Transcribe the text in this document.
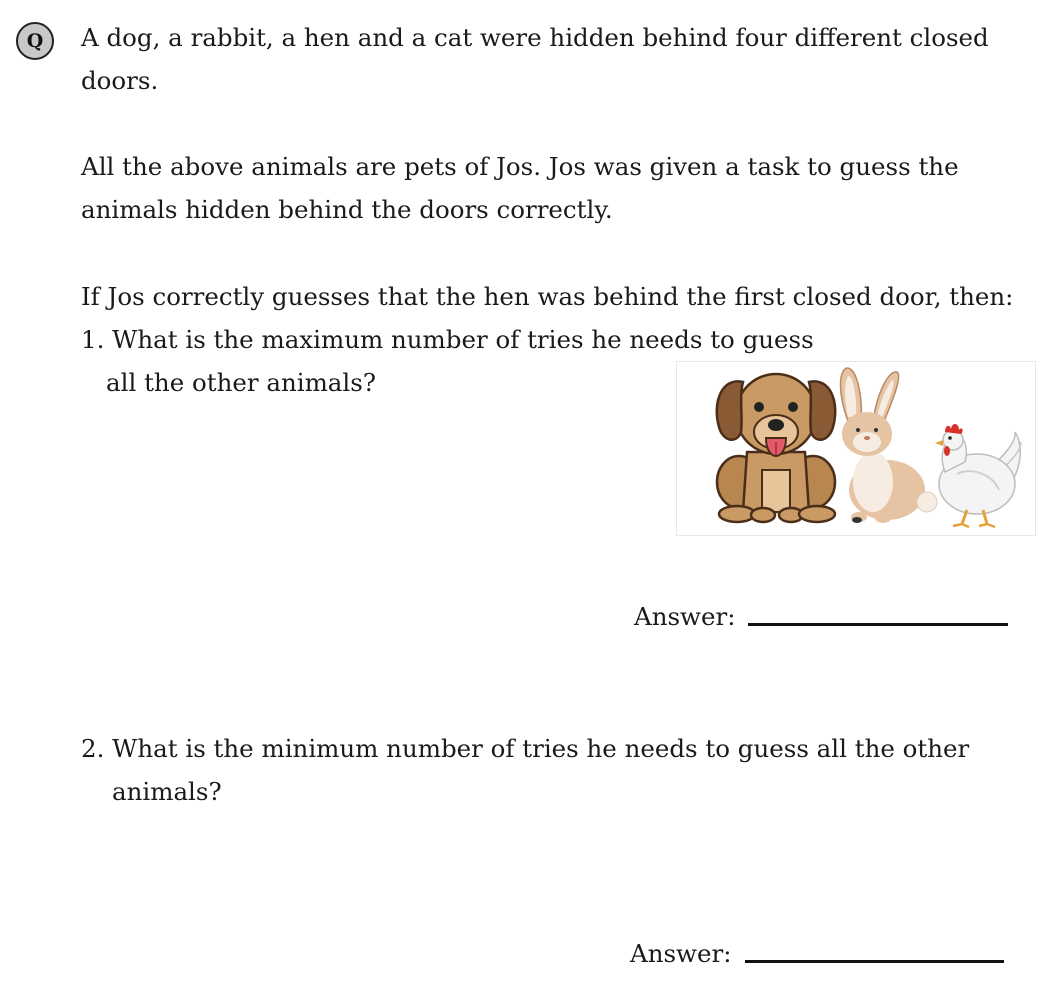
Q	A dog, a rabbit, a hen and a cat were hidden behind four different closed
doors.
All the above animals are pets of Jos. Jos was given a task to guess the
animals hidden behind the doors correctly.
If Jos correctly guesses that the hen was behind the first closed door, then:
1. What is the maximum number of tries he needs to guess
all the other animals?
Answer:
2. What is the minimum number of tries he needs to guess all the other
animals?
Answer:
